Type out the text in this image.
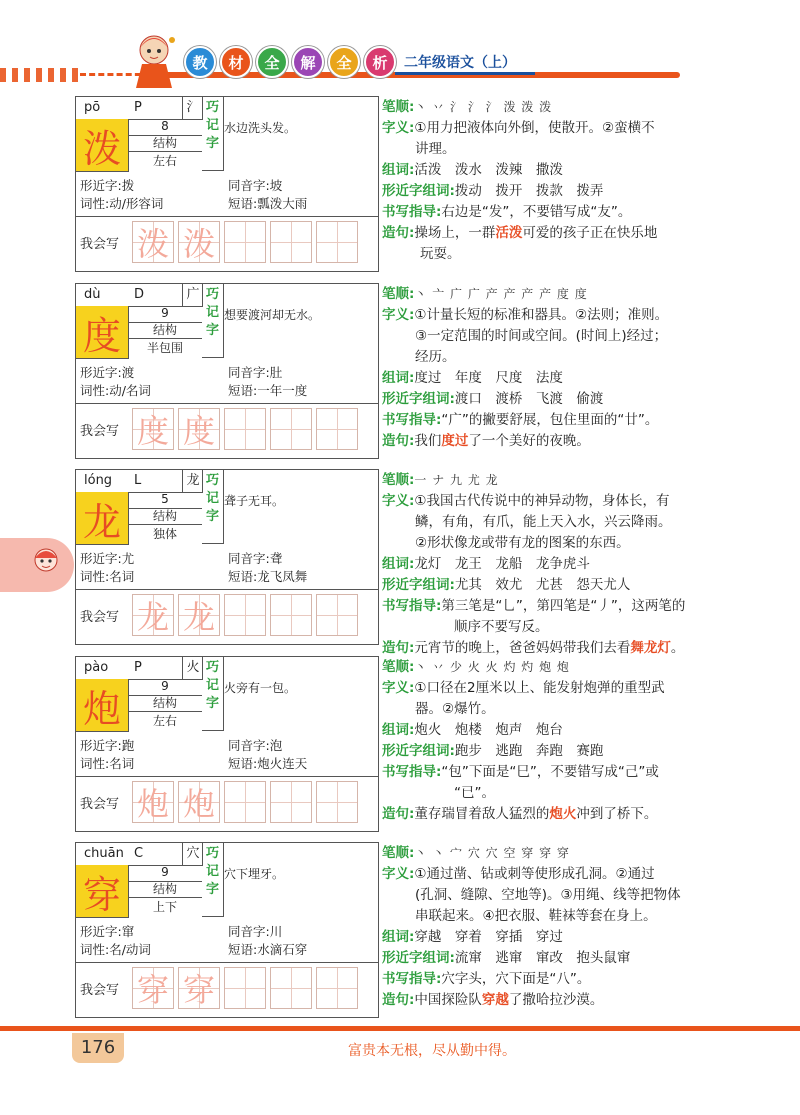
教	材	全	解	全	析	二年级语文（上）
pō	P	氵
泼
8
结构
左右
巧
记
字
水边洗头发。
形近字:拨	同音字:坡
词性:动/形容词	短语:瓢泼大雨
我会写 泼 泼
笔顺:丶 丷 氵 氵 氵 泼 泼 泼
字义:①用力把液体向外倒，使散开。②蛮横不
讲理。
组词:活泼　泼水　泼辣　撒泼
形近字组词:拨动　拨开　拨款　拨弄
书写指导:右边是“发”，不要错写成“友”。
造句:操场上，一群活泼可爱的孩子正在快乐地
玩耍。
dù	D	广
度
9
结构
半包围
巧
记
字
想要渡河却无水。
形近字:渡	同音字:肚
词性:动/名词	短语:一年一度
我会写 度 度
笔顺:丶 亠 广 广 产 产 产 产 度 度
字义:①计量长短的标准和器具。②法则；准则。
③一定范围的时间或空间。(时间上)经过；
经历。
组词:度过　年度　尺度　法度
形近字组词:渡口　渡桥　飞渡　偷渡
书写指导:“广”的撇要舒展，包住里面的“廿”。
造句:我们度过了一个美好的夜晚。
lóng L	龙
龙
5
结构
独体
巧
记
字
聋子无耳。
形近字:尤	同音字:聋
词性:名词	短语:龙飞凤舞
我会写 龙 龙
笔顺:一 ナ 九 尤 龙
字义:①我国古代传说中的神异动物，身体长，有
鳞，有角，有爪，能上天入水，兴云降雨。
②形状像龙或带有龙的图案的东西。
组词:龙灯　龙王　龙船　龙争虎斗
形近字组词:尤其　效尤　尤甚　怨天尤人
书写指导:第三笔是“乚”，第四笔是“丿”，这两笔的
顺序不要写反。
造句:元宵节的晚上，爸爸妈妈带我们去看舞龙灯。
pào P	火
炮
9
结构
左右
巧
记
字
火旁有一包。
形近字:跑	同音字:泡
词性:名词	短语:炮火连天
我会写 炮 炮
笔顺:丶 丷 少 火 火 灼 灼 炮 炮
字义:①口径在2厘米以上、能发射炮弹的重型武
器。②爆竹。
组词:炮火　炮楼　炮声　炮台
形近字组词:跑步　逃跑　奔跑　赛跑
书写指导:“包”下面是“巳”，不要错写成“己”或
“已”。
造句:董存瑞冒着敌人猛烈的炮火冲到了桥下。
chuān C	穴
穿
9
结构
上下
巧
记
字
穴下埋牙。
形近字:窜	同音字:川
词性:名/动词	短语:水滴石穿
我会写 穿 穿
笔顺:丶 丶 宀 穴 穴 空 穿 穿 穿
字义:①通过凿、钻或刺等使形成孔洞。②通过
(孔洞、缝隙、空地等)。③用绳、线等把物体
串联起来。④把衣服、鞋袜等套在身上。
组词:穿越　穿着　穿插　穿过
形近字组词:流窜　逃窜　窜改　抱头鼠窜
书写指导:穴字头，穴下面是“八”。
造句:中国探险队穿越了撒哈拉沙漠。
176	富贵本无根，尽从勤中得。
